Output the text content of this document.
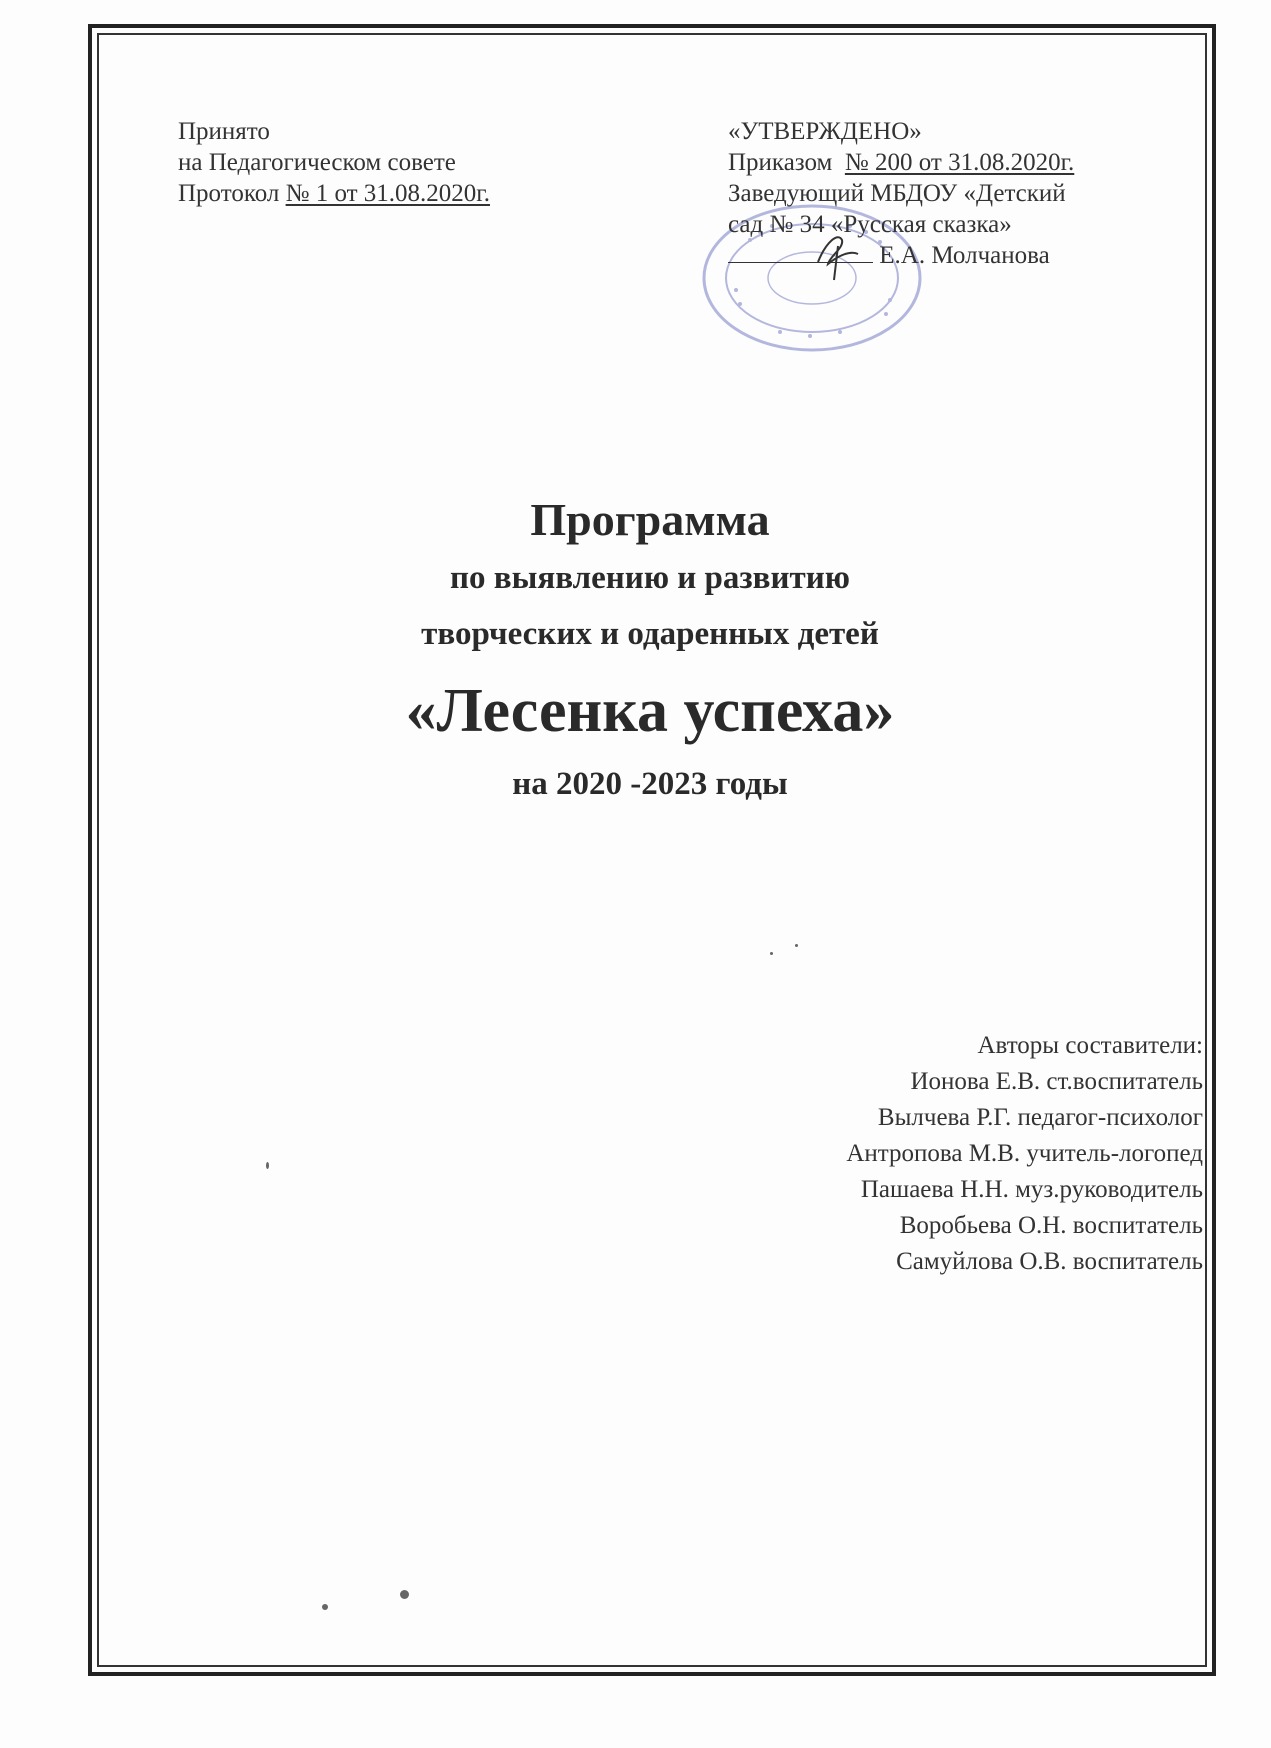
Принято
на Педагогическом совете
Протокол № 1 от 31.08.2020г.
«УТВЕРЖДЕНО»
Приказом  № 200 от 31.08.2020г.
Заведующий МБДОУ «Детский
сад № 34 «Русская сказка»
Е.А. Молчанова
Программа
по выявлению и развитию
творческих и одаренных детей
«Лесенка успеха»
на 2020 -2023 годы
Авторы составители:
Ионова Е.В. ст.воспитатель
Вылчева Р.Г. педагог-психолог
Антропова М.В. учитель-логопед
Пашаева Н.Н. муз.руководитель
Воробьева О.Н. воспитатель
Самуйлова О.В. воспитатель
